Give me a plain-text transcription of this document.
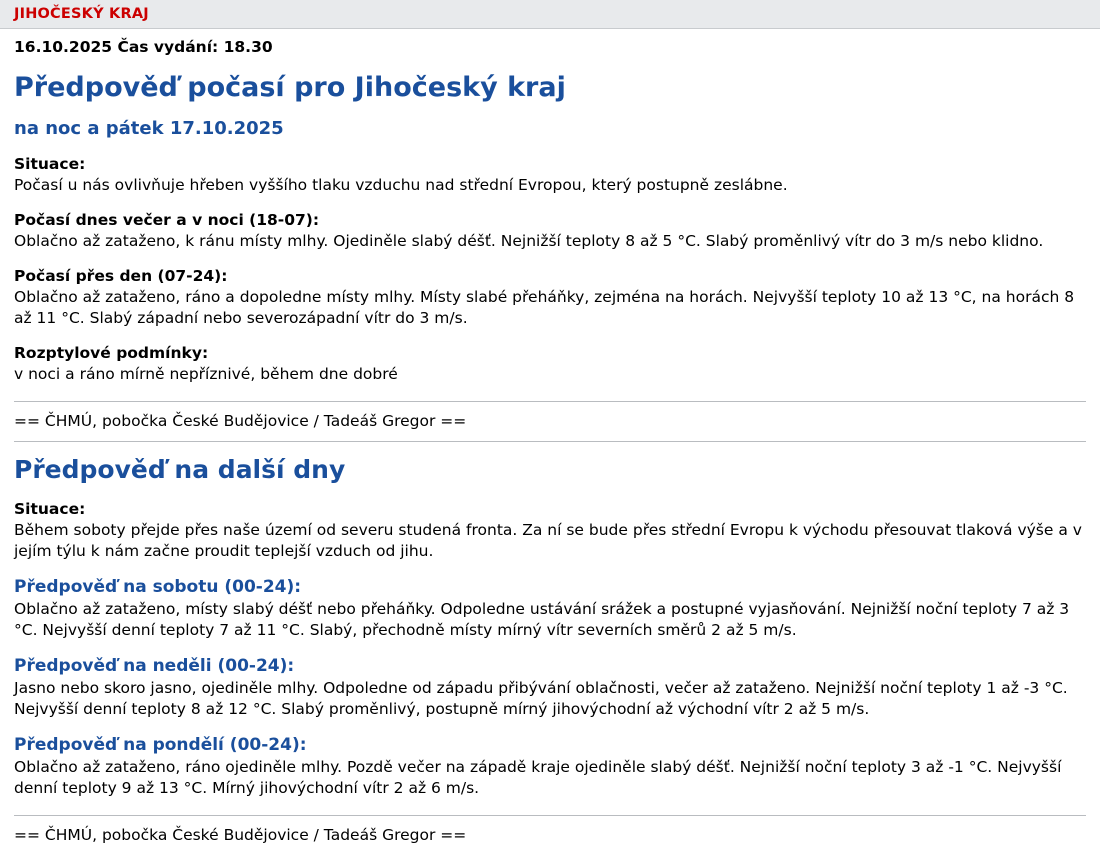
JIHOČESKÝ KRAJ
16.10.2025 Čas vydání: 18.30
Předpověď počasí pro Jihočeský kraj
na noc a pátek 17.10.2025
Situace:
Počasí u nás ovlivňuje hřeben vyššího tlaku vzduchu nad střední Evropou, který postupně zeslábne.
Počasí dnes večer a v noci (18-07):
Oblačno až zataženo, k ránu místy mlhy. Ojediněle slabý déšť. Nejnižší teploty 8 až 5 °C. Slabý proměnlivý vítr do 3 m/s nebo klidno.
Počasí přes den (07-24):
Oblačno až zataženo, ráno a dopoledne místy mlhy. Místy slabé přeháňky, zejména na horách. Nejvyšší teploty 10 až 13 °C, na horách 8 až 11 °C. Slabý západní nebo severozápadní vítr do 3 m/s.
Rozptylové podmínky:
v noci a ráno mírně nepříznivé, během dne dobré
== ČHMÚ, pobočka České Budějovice / Tadeáš Gregor ==
Předpověď na další dny
Situace:
Během soboty přejde přes naše území od severu studená fronta. Za ní se bude přes střední Evropu k východu přesouvat tlaková výše a v jejím týlu k nám začne proudit teplejší vzduch od jihu.
Předpověď na sobotu (00-24):
Oblačno až zataženo, místy slabý déšť nebo přeháňky. Odpoledne ustávání srážek a postupné vyjasňování. Nejnižší noční teploty 7 až 3 °C. Nejvyšší denní teploty 7 až 11 °C. Slabý, přechodně místy mírný vítr severních směrů 2 až 5 m/s.
Předpověď na neděli (00-24):
Jasno nebo skoro jasno, ojediněle mlhy. Odpoledne od západu přibývání oblačnosti, večer až zataženo. Nejnižší noční teploty 1 až -3 °C. Nejvyšší denní teploty 8 až 12 °C. Slabý proměnlivý, postupně mírný jihovýchodní až východní vítr 2 až 5 m/s.
Předpověď na pondělí (00-24):
Oblačno až zataženo, ráno ojediněle mlhy. Pozdě večer na západě kraje ojediněle slabý déšť. Nejnižší noční teploty 3 až -1 °C. Nejvyšší denní teploty 9 až 13 °C. Mírný jihovýchodní vítr 2 až 6 m/s.
== ČHMÚ, pobočka České Budějovice / Tadeáš Gregor ==
